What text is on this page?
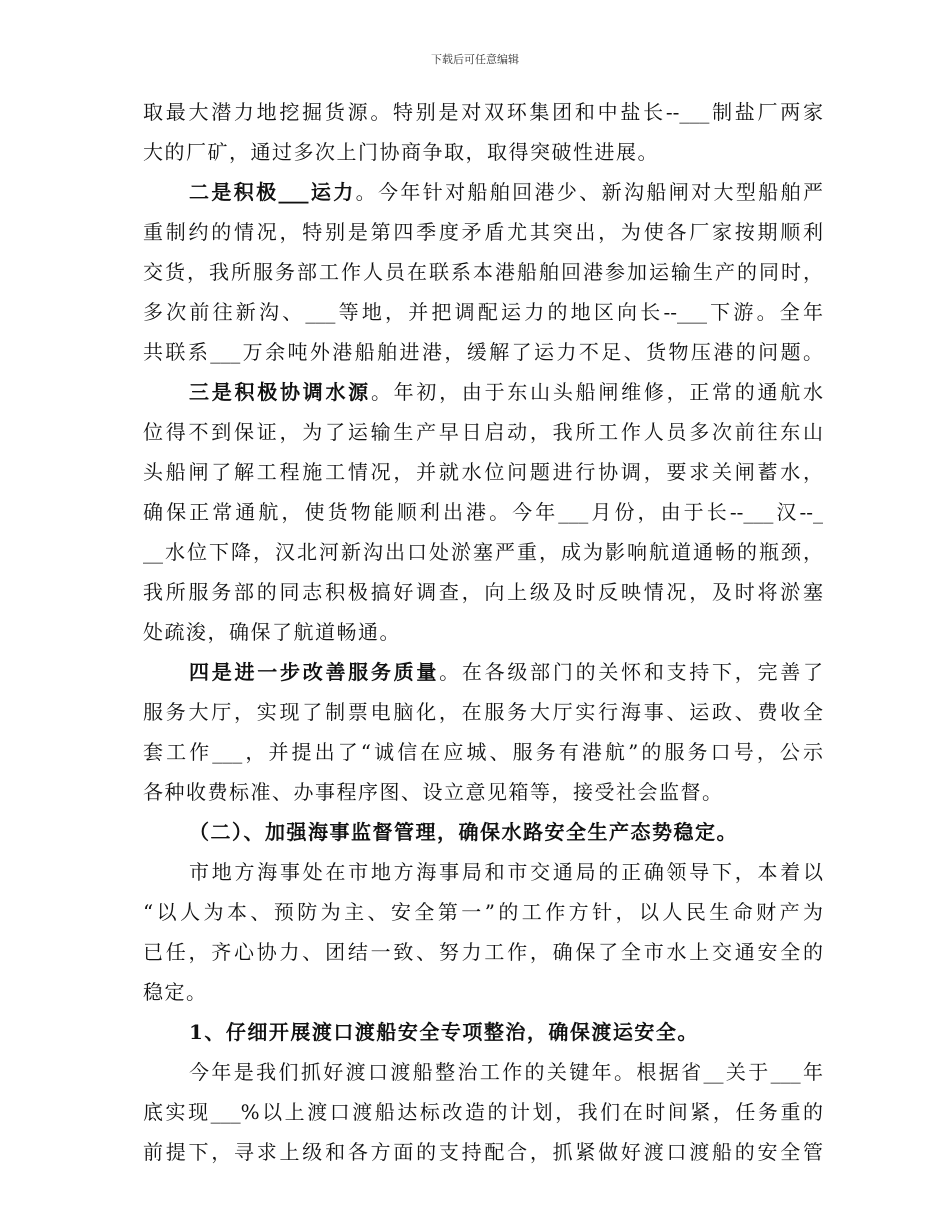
下载后可任意编辑
取最大潜力地挖掘货源。特别是对双环集团和中盐长--___制盐厂两家
大的厂矿，通过多次上门协商争取，取得突破性进展。
二是积极___运力。今年针对船舶回港少、新沟船闸对大型船舶严
重制约的情况，特别是第四季度矛盾尤其突出，为使各厂家按期顺利
交货，我所服务部工作人员在联系本港船舶回港参加运输生产的同时，
多次前往新沟、___等地，并把调配运力的地区向长--___下游。全年
共联系___万余吨外港船舶进港，缓解了运力不足、货物压港的问题。
三是积极协调水源。年初，由于东山头船闸维修，正常的通航水
位得不到保证，为了运输生产早日启动，我所工作人员多次前往东山
头船闸了解工程施工情况，并就水位问题进行协调，要求关闸蓄水，
确保正常通航，使货物能顺利出港。今年___月份，由于长--___汉--_
__水位下降，汉北河新沟出口处淤塞严重，成为影响航道通畅的瓶颈，
我所服务部的同志积极搞好调查，向上级及时反映情况，及时将淤塞
处疏浚，确保了航道畅通。
四是进一步改善服务质量。在各级部门的关怀和支持下，完善了
服务大厅，实现了制票电脑化，在服务大厅实行海事、运政、费收全
套工作___，并提出了“诚信在应城、服务有港航”的服务口号，公示
各种收费标准、办事程序图、设立意见箱等，接受社会监督。
（二）、加强海事监督管理，确保水路安全生产态势稳定。
市地方海事处在市地方海事局和市交通局的正确领导下，本着以
“以人为本、预防为主、安全第一”的工作方针，以人民生命财产为
已任，齐心协力、团结一致、努力工作，确保了全市水上交通安全的
稳定。
1、仔细开展渡口渡船安全专项整治，确保渡运安全。
今年是我们抓好渡口渡船整治工作的关键年。根据省__关于___年
底实现___%以上渡口渡船达标改造的计划，我们在时间紧，任务重的
前提下，寻求上级和各方面的支持配合，抓紧做好渡口渡船的安全管
